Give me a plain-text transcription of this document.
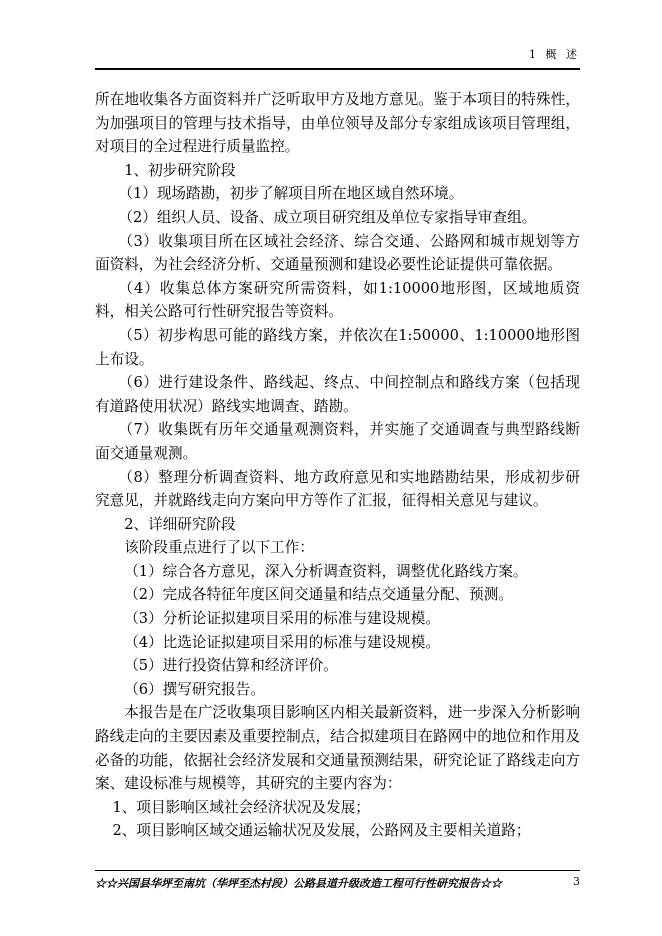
1 概 述

所在地收集各方面资料并广泛听取甲方及地方意见。鉴于本项目的特殊性，为加强项目的管理与技术指导，由单位领导及部分专家组成该项目管理组，对项目的全过程进行质量监控。

1、初步研究阶段

（1）现场踏勘，初步了解项目所在地区域自然环境。

（2）组织人员、设备、成立项目研究组及单位专家指导审查组。

（3）收集项目所在区域社会经济、综合交通、公路网和城市规划等方面资料，为社会经济分析、交通量预测和建设必要性论证提供可靠依据。

（4）收集总体方案研究所需资料，如1:10000地形图，区域地质资料，相关公路可行性研究报告等资料。

（5）初步构思可能的路线方案，并依次在1:50000、1:10000地形图上布设。

（6）进行建设条件、路线起、终点、中间控制点和路线方案（包括现有道路使用状况）路线实地调查、踏勘。

（7）收集既有历年交通量观测资料，并实施了交通调查与典型路线断面交通量观测。

（8）整理分析调查资料、地方政府意见和实地踏勘结果，形成初步研究意见，并就路线走向方案向甲方等作了汇报，征得相关意见与建议。

2、详细研究阶段

该阶段重点进行了以下工作：

（1）综合各方意见，深入分析调查资料，调整优化路线方案。

（2）完成各特征年度区间交通量和结点交通量分配、预测。

（3）分析论证拟建项目采用的标准与建设规模。

（4）比选论证拟建项目采用的标准与建设规模。

（5）进行投资估算和经济评价。

（6）撰写研究报告。

本报告是在广泛收集项目影响区内相关最新资料，进一步深入分析影响路线走向的主要因素及重要控制点，结合拟建项目在路网中的地位和作用及必备的功能，依据社会经济发展和交通量预测结果，研究论证了路线走向方案、建设标准与规模等，其研究的主要内容为：

1、项目影响区域社会经济状况及发展；

2、项目影响区域交通运输状况及发展，公路网及主要相关道路；

☆☆兴国县华坪至南坑（华坪至杰村段）公路县道升级改造工程可行性研究报告☆☆	3
